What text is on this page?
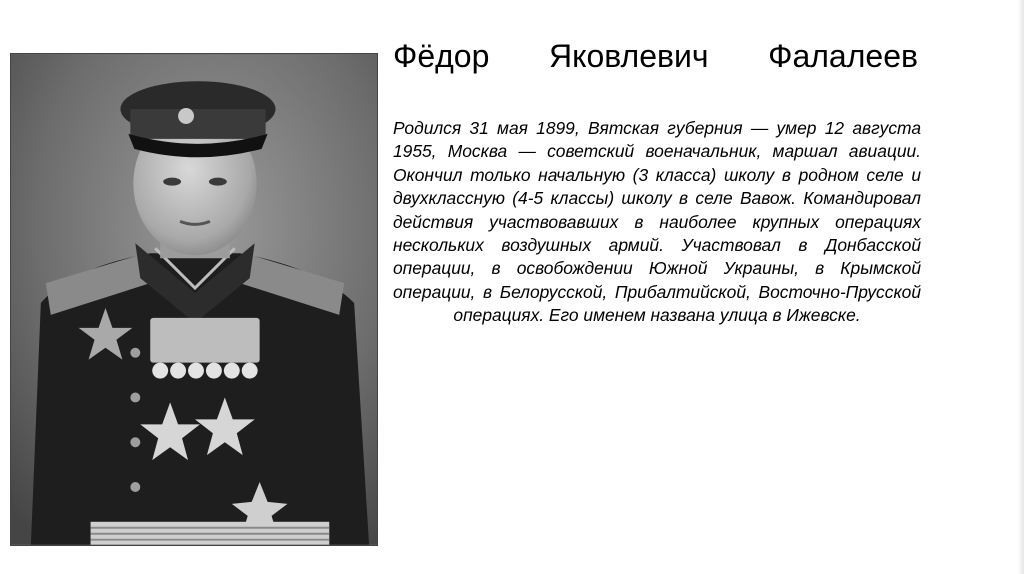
Фёдор Яковлевич Фалалеев
Родился 31 мая 1899, Вятская губерния — умер 12 августа 1955, Москва — советский военачальник, маршал авиации. Окончил только начальную (3 класса) школу в родном селе и двухклассную (4-5 классы) школу в селе Вавож. Командировал действия участвовавших в наиболее крупных операциях нескольких воздушных армий. Участвовал в Донбасской операции, в освобождении Южной Украины, в Крымской операции, в Белорусской, Прибалтийской, Восточно-Прусской операциях. Его именем названа улица в Ижевске.
